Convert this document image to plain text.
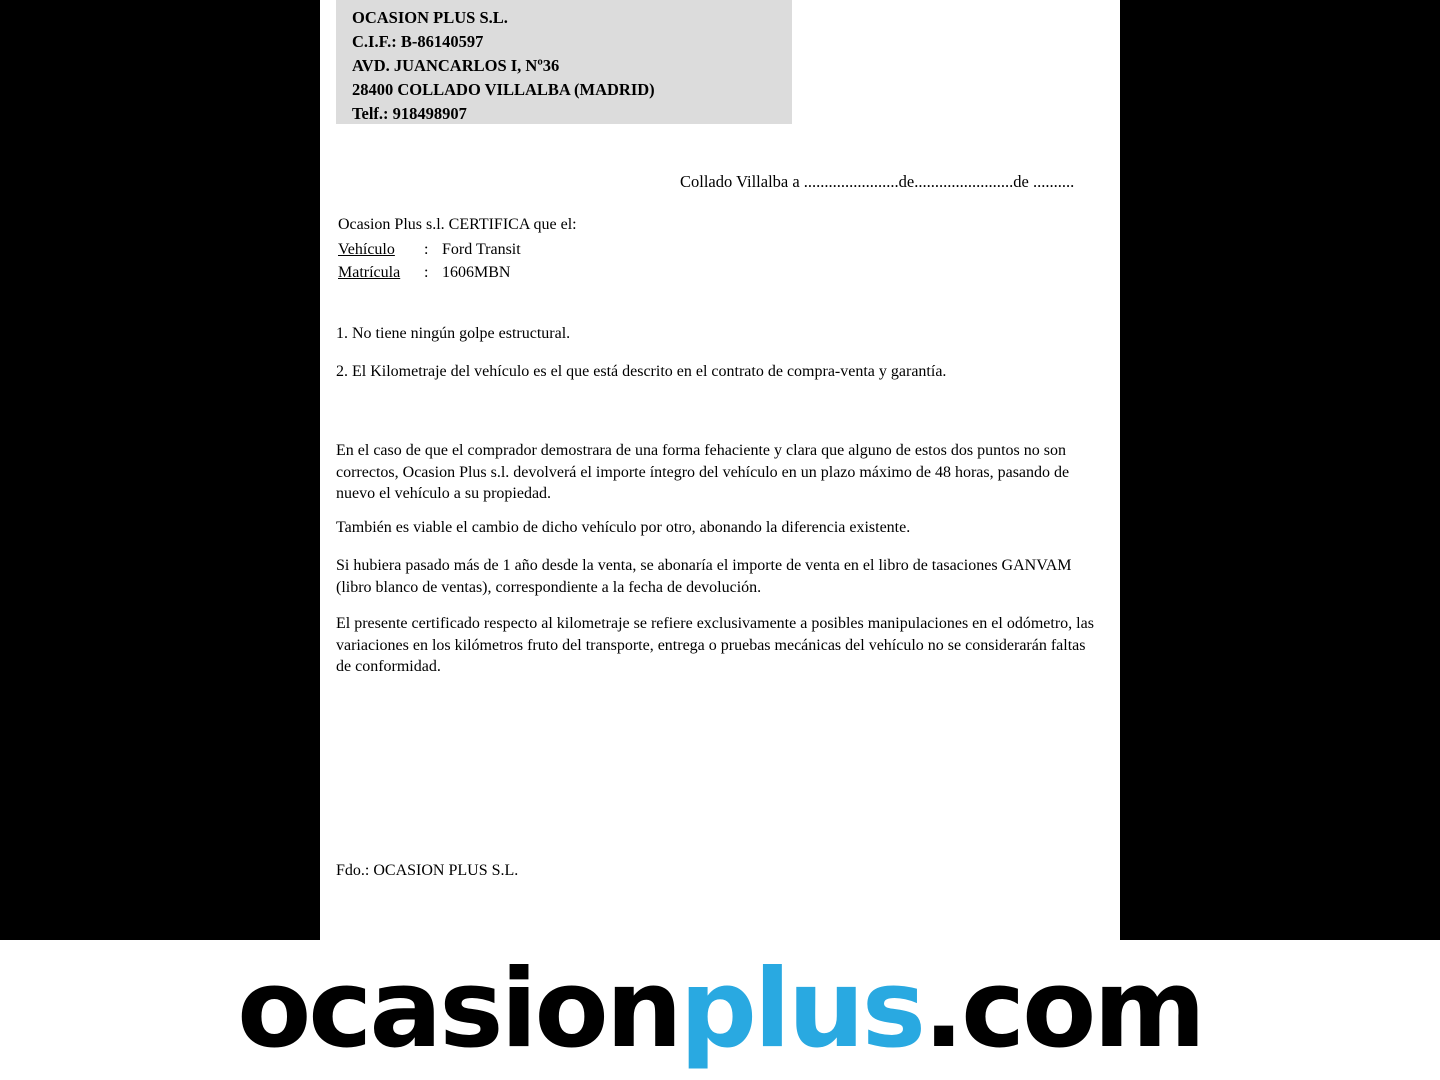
OCASION PLUS S.L.
C.I.F.: B-86140597
AVD. JUANCARLOS I, Nº36
28400 COLLADO VILLALBA (MADRID)
Telf.: 918498907
Collado Villalba a .......................de........................de ..........
Ocasion Plus s.l. CERTIFICA que el:
Vehículo : Ford Transit
Matrícula : 1606MBN
1. No tiene ningún golpe estructural.
2. El Kilometraje del vehículo es el que está descrito en el contrato de compra-venta y garantía.
En el caso de que el comprador demostrara de una forma fehaciente y clara que alguno de estos dos puntos no son correctos, Ocasion Plus s.l. devolverá el importe íntegro del vehículo en un plazo máximo de 48 horas, pasando de nuevo el vehículo a su propiedad.
También es viable el cambio de dicho vehículo por otro, abonando la diferencia existente.
Si hubiera pasado más de 1 año desde la venta, se abonaría el importe de venta en el libro de tasaciones GANVAM (libro blanco de ventas), correspondiente a la fecha de devolución.
El presente certificado respecto al kilometraje se refiere exclusivamente a posibles manipulaciones en el odómetro, las variaciones en los kilómetros fruto del transporte, entrega o pruebas mecánicas del vehículo no se considerarán faltas de conformidad.
Fdo.: OCASION PLUS S.L.
ocasionplus.com
